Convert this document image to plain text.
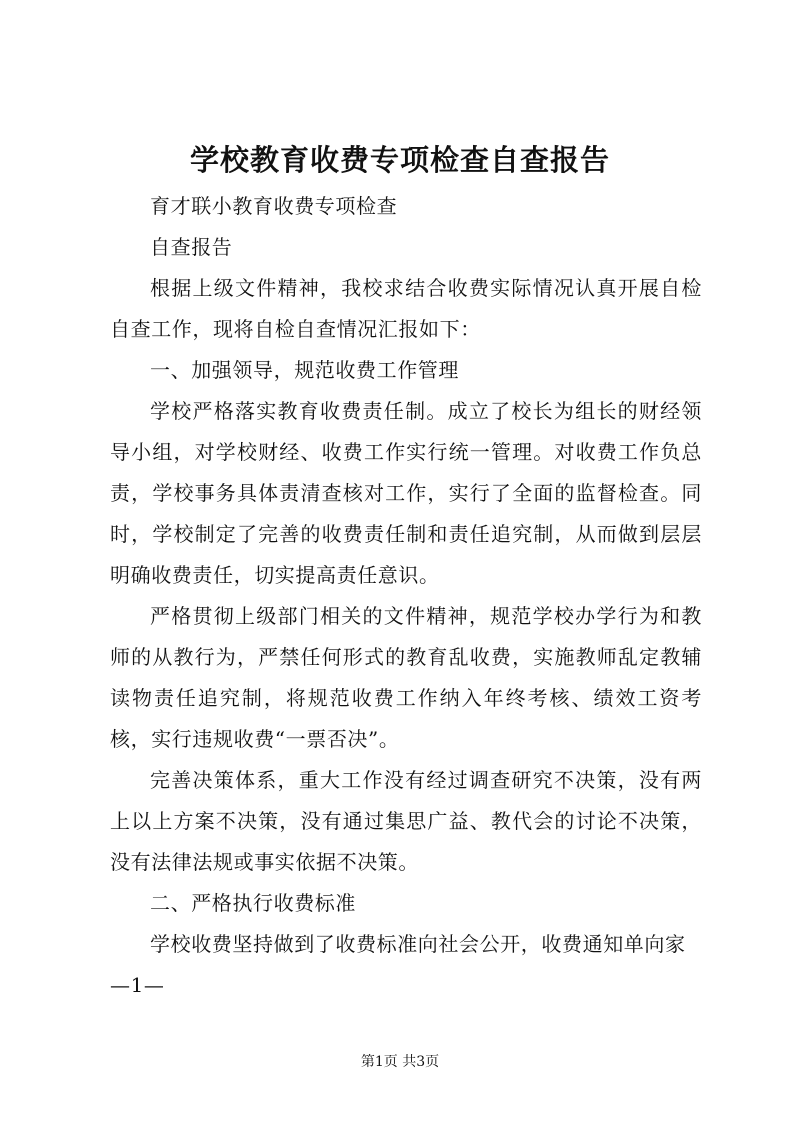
学校教育收费专项检查自查报告

育才联小教育收费专项检查

自查报告

根据上级文件精神，我校求结合收费实际情况认真开展自检自查工作，现将自检自查情况汇报如下：

一、加强领导，规范收费工作管理

学校严格落实教育收费责任制。成立了校长为组长的财经领导小组，对学校财经、收费工作实行统一管理。对收费工作负总责，学校事务具体责清查核对工作，实行了全面的监督检查。同时，学校制定了完善的收费责任制和责任追究制，从而做到层层明确收费责任，切实提高责任意识。

严格贯彻上级部门相关的文件精神，规范学校办学行为和教师的从教行为，严禁任何形式的教育乱收费，实施教师乱定教辅读物责任追究制，将规范收费工作纳入年终考核、绩效工资考核，实行违规收费“一票否决”。

完善决策体系，重大工作没有经过调查研究不决策，没有两上以上方案不决策，没有通过集思广益、教代会的讨论不决策，没有法律法规或事实依据不决策。

二、严格执行收费标准

学校收费坚持做到了收费标准向社会公开，收费通知单向家

—1—

第1页 共3页
